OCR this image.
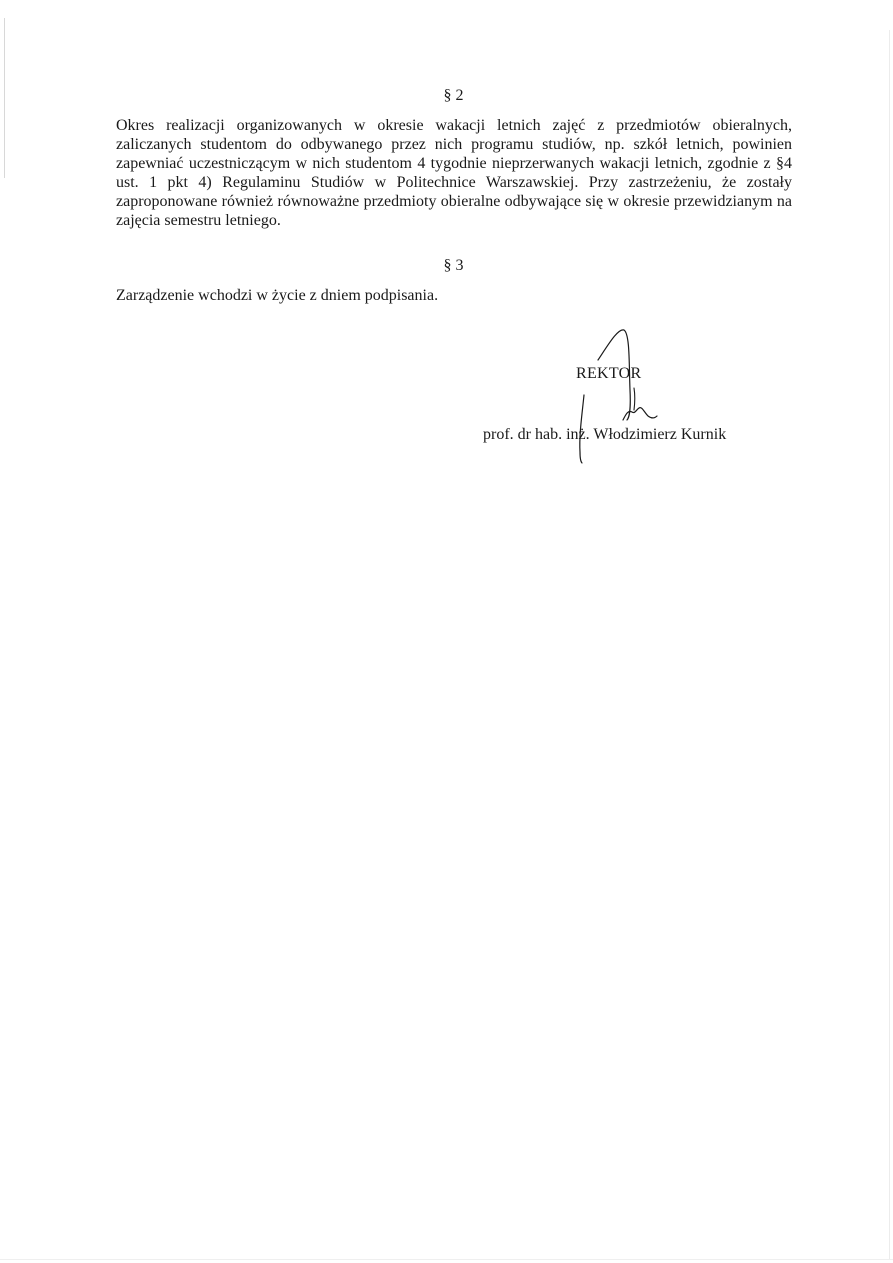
§ 2

Okres realizacji organizowanych w okresie wakacji letnich zajęć z przedmiotów obieralnych, zaliczanych studentom do odbywanego przez nich programu studiów, np. szkół letnich, powinien zapewniać uczestniczącym w nich studentom 4 tygodnie nieprzerwanych wakacji letnich, zgodnie z §4 ust. 1 pkt 4) Regulaminu Studiów w Politechnice Warszawskiej. Przy zastrzeżeniu, że zostały zaproponowane również równoważne przedmioty obieralne odbywające się w okresie przewidzianym na zajęcia semestru letniego.

§ 3

Zarządzenie wchodzi w życie z dniem podpisania.

REKTOR
prof. dr hab. inż. Włodzimierz Kurnik
